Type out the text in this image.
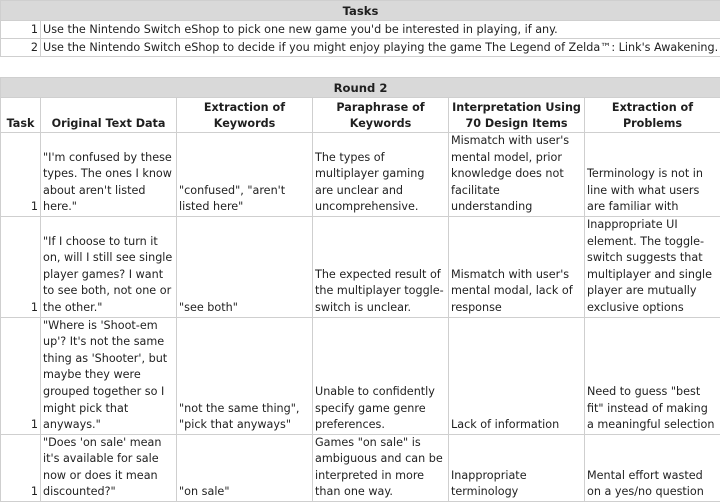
Tasks	
1	Use the Nintendo Switch eShop to pick one new game you'd be interested in playing, if any.
2	Use the Nintendo Switch eShop to decide if you might enjoy playing the game The Legend of Zelda™: Link's Awakening.
Round 2					
Task	Original Text Data	Extraction of Keywords	Paraphrase of Keywords	Interpretation Using 70 Design Items	Extraction of Problems
1	"I'm confused by these types. The ones I know about aren't listed here."	"confused", "aren't listed here"	The types of multiplayer gaming are unclear and uncomprehensive.	Mismatch with user's mental model, prior knowledge does not facilitate understanding	Terminology is not in line with what users are familiar with
1	"If I choose to turn it on, will I still see single player games? I want to see both, not one or the other."	"see both"	The expected result of the multiplayer toggle-switch is unclear.	Mismatch with user's mental modal, lack of response	Inappropriate UI element. The toggle-switch suggests that multiplayer and single player are mutually exclusive options
1	"Where is 'Shoot-em up'? It's not the same thing as 'Shooter', but maybe they were grouped together so I might pick that anyways."	"not the same thing", "pick that anyways"	Unable to confidently specify game genre preferences.	Lack of information	Need to guess "best fit" instead of making a meaningful selection
1	"Does 'on sale' mean it's available for sale now or does it mean discounted?"	"on sale"	Games "on sale" is ambiguous and can be interpreted in more than one way.	Inappropriate terminology	Mental effort wasted on a yes/no question
